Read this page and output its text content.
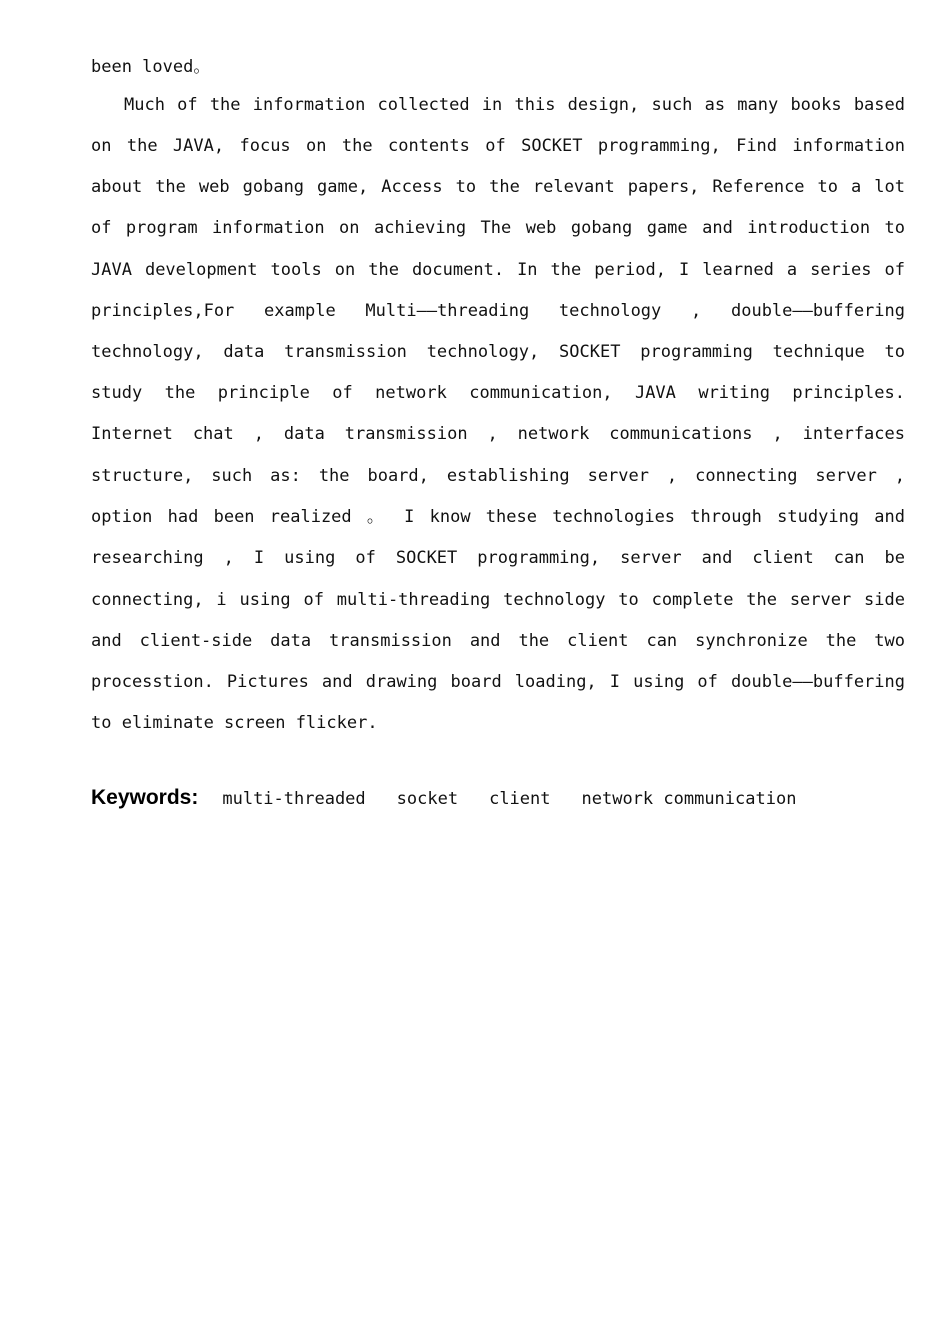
been loved。
Much of the information collected in this design, such as many books based
on the JAVA, focus on the contents of SOCKET programming, Find information
about the web gobang game, Access to the relevant papers, Reference to a lot
of program information on achieving The web gobang game and introduction to
JAVA development tools on the document. In the period, I learned a series of
principles,For example Multi——threading technology , double——buffering
technology, data transmission technology, SOCKET programming technique to
study the principle of network communication, JAVA writing principles.
Internet chat , data transmission , network communications , interfaces
structure, such as: the board, establishing server , connecting server ,
option had been realized 。 I know these technologies through studying and
researching , I using of SOCKET programming, server and client can be
connecting, i using of multi-threading technology to complete the server side
and client-side data transmission and the client can synchronize the two
processtion. Pictures and drawing board loading, I using of double——buffering
to eliminate screen flicker.
Keywords: multi-threaded socket client network communication
